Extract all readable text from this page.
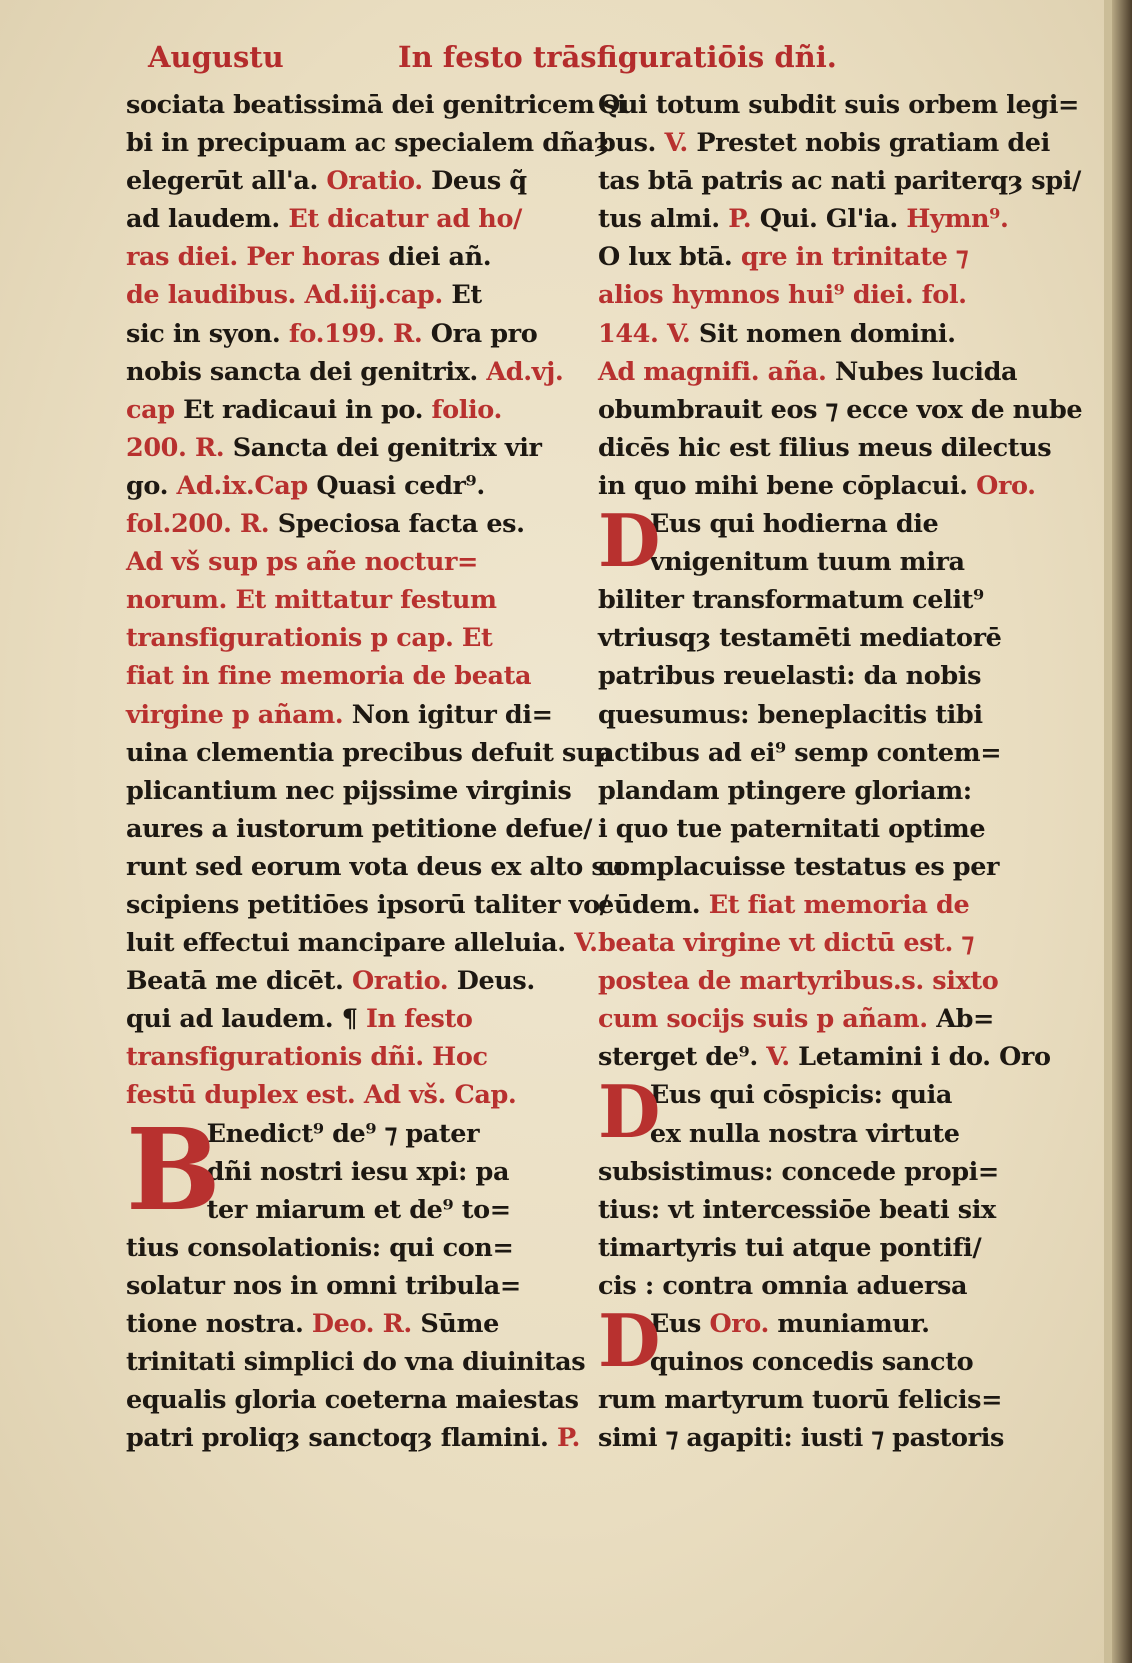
Augustu	In festo trāsfiguratiōis dñi.
sociata beatissimā dei genitricem si
bi in precipuam ac specialem dñaȝ
elegerūt all'a. Oratio. Deus q̃
ad laudem. Et dicatur ad ho/
ras diei. Per horas diei añ.
de laudibus. Ad.iij.cap. Et
sic in syon. fo.199. R. Ora pro
nobis sancta dei genitrix. Ad.vj.
cap Et radicaui in po. folio.
200. R. Sancta dei genitrix vir
go. Ad.ix.Cap Quasi cedr⁹.
fol.200. R. Speciosa facta es.
Ad vš sup ps añe noctur=
norum. Et mittatur festum
transfigurationis p cap. Et
fiat in fine memoria de beata
virgine p añam. Non igitur di=
uina clementia precibus defuit sup
plicantium nec pijssime virginis
aures a iustorum petitione defue/
runt sed eorum vota deus ex alto su
scipiens petitiōes ipsorū taliter vo/
luit effectui mancipare alleluia. V.
Beatā me dicēt. Oratio. Deus.
qui ad laudem. ¶ In festo
transfigurationis dñi. Hoc
festū duplex est. Ad vš. Cap.
B
Enedict⁹ de⁹ ⁊ pater
dñi nostri iesu xpi: pa
ter miarum et de⁹ to=
tius consolationis: qui con=
solatur nos in omni tribula=
tione nostra. Deo. R. Sūme
trinitati simplici do vna diuinitas
equalis gloria coeterna maiestas
patri proliqȝ sanctoqȝ flamini. P.
Qui totum subdit suis orbem legi=
bus. V. Prestet nobis gratiam dei
tas btā patris ac nati pariterqȝ spi/
tus almi. P. Qui. Gl'ia. Hymn⁹.
O lux btā. qre in trinitate ⁊
alios hymnos hui⁹ diei. fol.
144. V. Sit nomen domini.
Ad magnifi. aña. Nubes lucida
obumbrauit eos ⁊ ecce vox de nube
dicēs hic est filius meus dilectus
in quo mihi bene cōplacui. Oro.
D
Eus qui hodierna die
vnigenitum tuum mira
biliter transformatum celit⁹
vtriusqȝ testamēti mediatorē
patribus reuelasti: da nobis
quesumus: beneplacitis tibi
actibus ad ei⁹ semp contem=
plandam ptingere gloriam:
i quo tue paternitati optime
complacuisse testatus es per
eūdem. Et fiat memoria de
beata virgine vt dictū est. ⁊
postea de martyribus.s. sixto
cum socijs suis p añam. Ab=
sterget de⁹. V. Letamini i do. Oro
D
Eus qui cōspicis: quia
ex nulla nostra virtute
subsistimus: concede propi=
tius: vt intercessiōe beati six
timartyris tui atque pontifi/
cis : contra omnia aduersa
D
Eus Oro. muniamur.
quinos concedis sancto
rum martyrum tuorū felicis=
simi ⁊ agapiti: iusti ⁊ pastoris
